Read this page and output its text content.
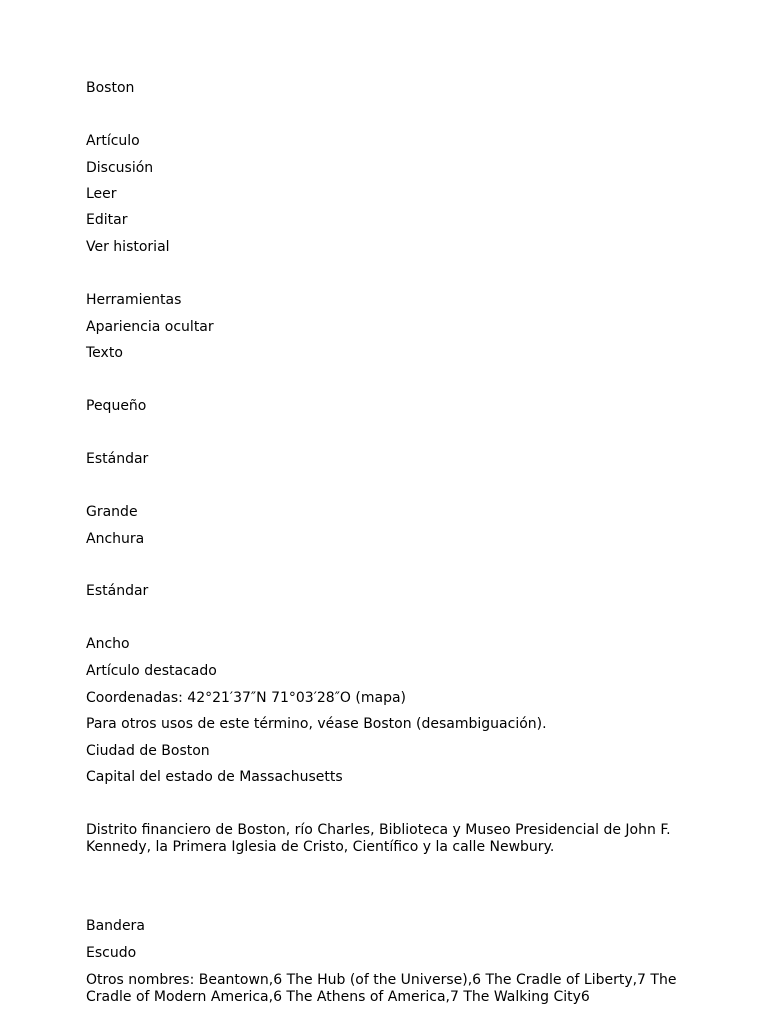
Boston
Artículo
Discusión
Leer
Editar
Ver historial
Herramientas
Apariencia ocultar
Texto
Pequeño
Estándar
Grande
Anchura
Estándar
Ancho
Artículo destacado
Coordenadas: 42°21′37″N 71°03′28″O (mapa)
Para otros usos de este término, véase Boston (desambiguación).
Ciudad de Boston
Capital del estado de Massachusetts
Distrito financiero de Boston, río Charles, Biblioteca y Museo Presidencial de John F. Kennedy, la Primera Iglesia de Cristo, Científico y la calle Newbury.
Bandera
Escudo
Otros nombres: Beantown,6 The Hub (of the Universe),6 The Cradle of Liberty,7 The Cradle of Modern America,6 The Athens of America,7 The Walking City6
